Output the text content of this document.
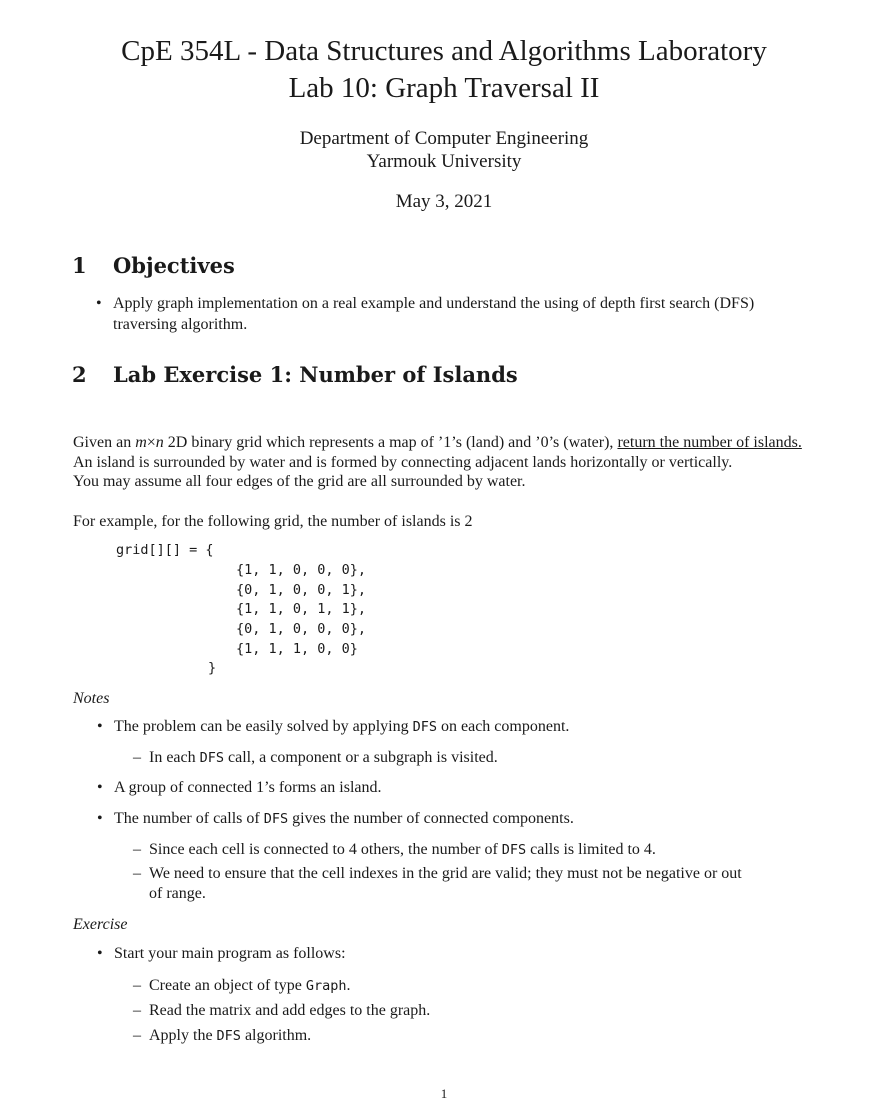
CpE 354L - Data Structures and Algorithms Laboratory
Lab 10: Graph Traversal II
Department of Computer Engineering
Yarmouk University
May 3, 2021
1 Objectives
• Apply graph implementation on a real example and understand the using of depth first search (DFS)
traversing algorithm.
2 Lab Exercise 1: Number of Islands
Given an m×n 2D binary grid which represents a map of ’1’s (land) and ’0’s (water), return the number of islands.
An island is surrounded by water and is formed by connecting adjacent lands horizontally or vertically.
You may assume all four edges of the grid are all surrounded by water.
For example, for the following grid, the number of islands is 2
grid[][] = {
{1, 1, 0, 0, 0},
{0, 1, 0, 0, 1},
{1, 1, 0, 1, 1},
{0, 1, 0, 0, 0},
{1, 1, 1, 0, 0}
}
Notes
• The problem can be easily solved by applying DFS on each component.
– In each DFS call, a component or a subgraph is visited.
• A group of connected 1’s forms an island.
• The number of calls of DFS gives the number of connected components.
– Since each cell is connected to 4 others, the number of DFS calls is limited to 4.
– We need to ensure that the cell indexes in the grid are valid; they must not be negative or out
of range.
Exercise
• Start your main program as follows:
– Create an object of type Graph.
– Read the matrix and add edges to the graph.
– Apply the DFS algorithm.
1
